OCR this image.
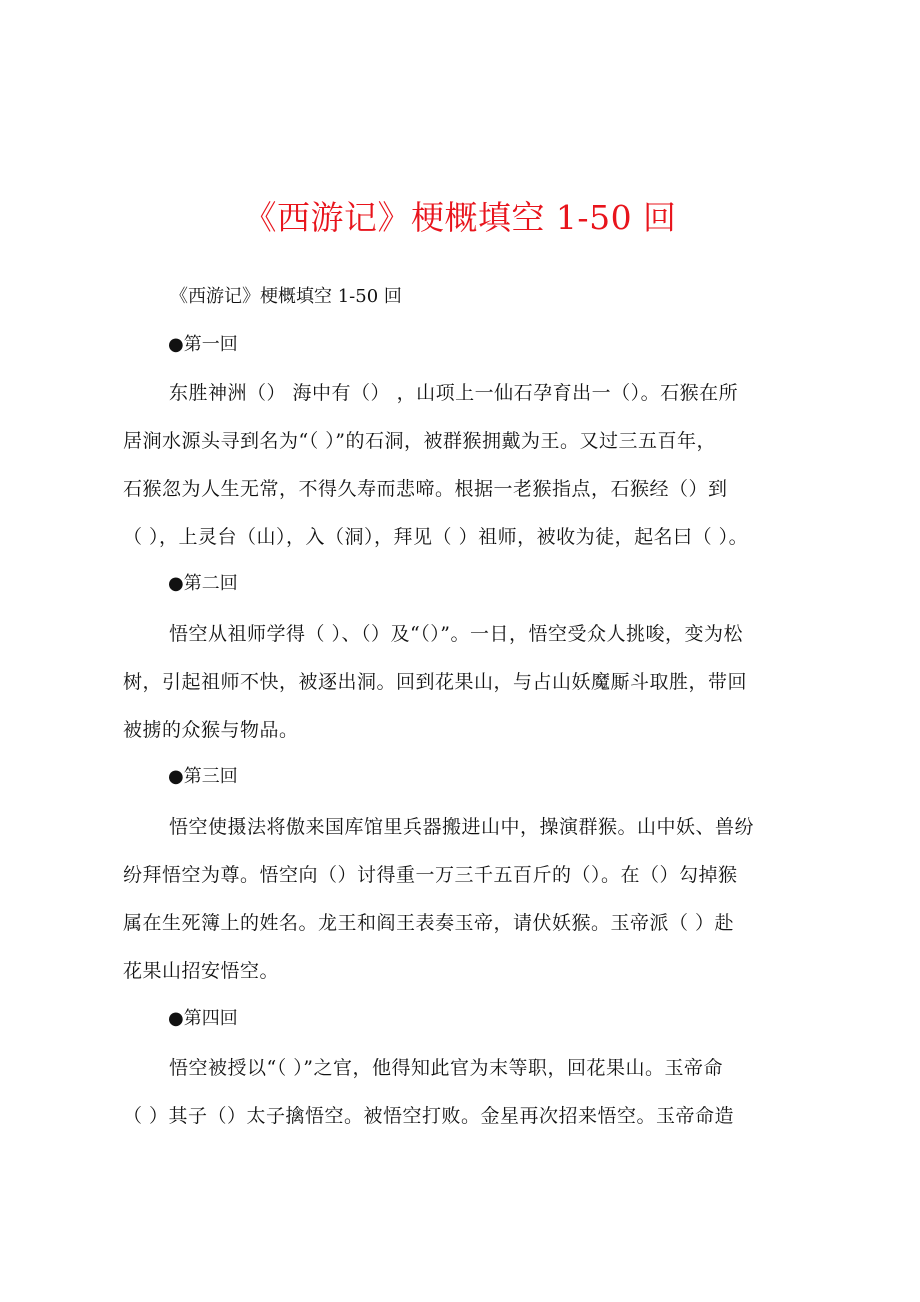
《西游记》梗概填空 1-50 回
《西游记》梗概填空 1-50 回
●第一回
东胜神洲（） 海中有（） ，山项上一仙石孕育出一（）。石猴在所
居涧水源头寻到名为“（ ）”的石洞，被群猴拥戴为王。又过三五百年，
石猴忽为人生无常，不得久寿而悲啼。根据一老猴指点，石猴经（）到
（ ），上灵台（山），入（洞），拜见（ ）祖师，被收为徒，起名曰（ ）。
●第二回
悟空从祖师学得（ ）、（）及“（）”。一日，悟空受众人挑唆，变为松
树，引起祖师不快，被逐出洞。回到花果山，与占山妖魔厮斗取胜，带回
被掳的众猴与物品。
●第三回
悟空使摄法将傲来国库馆里兵器搬进山中，操演群猴。山中妖、兽纷
纷拜悟空为尊。悟空向（）讨得重一万三千五百斤的（）。在（）勾掉猴
属在生死簿上的姓名。龙王和阎王表奏玉帝，请伏妖猴。玉帝派（ ）赴
花果山招安悟空。
●第四回
悟空被授以“（ ）”之官，他得知此官为末等职，回花果山。玉帝命
（ ）其子（）太子擒悟空。被悟空打败。金星再次招来悟空。玉帝命造
